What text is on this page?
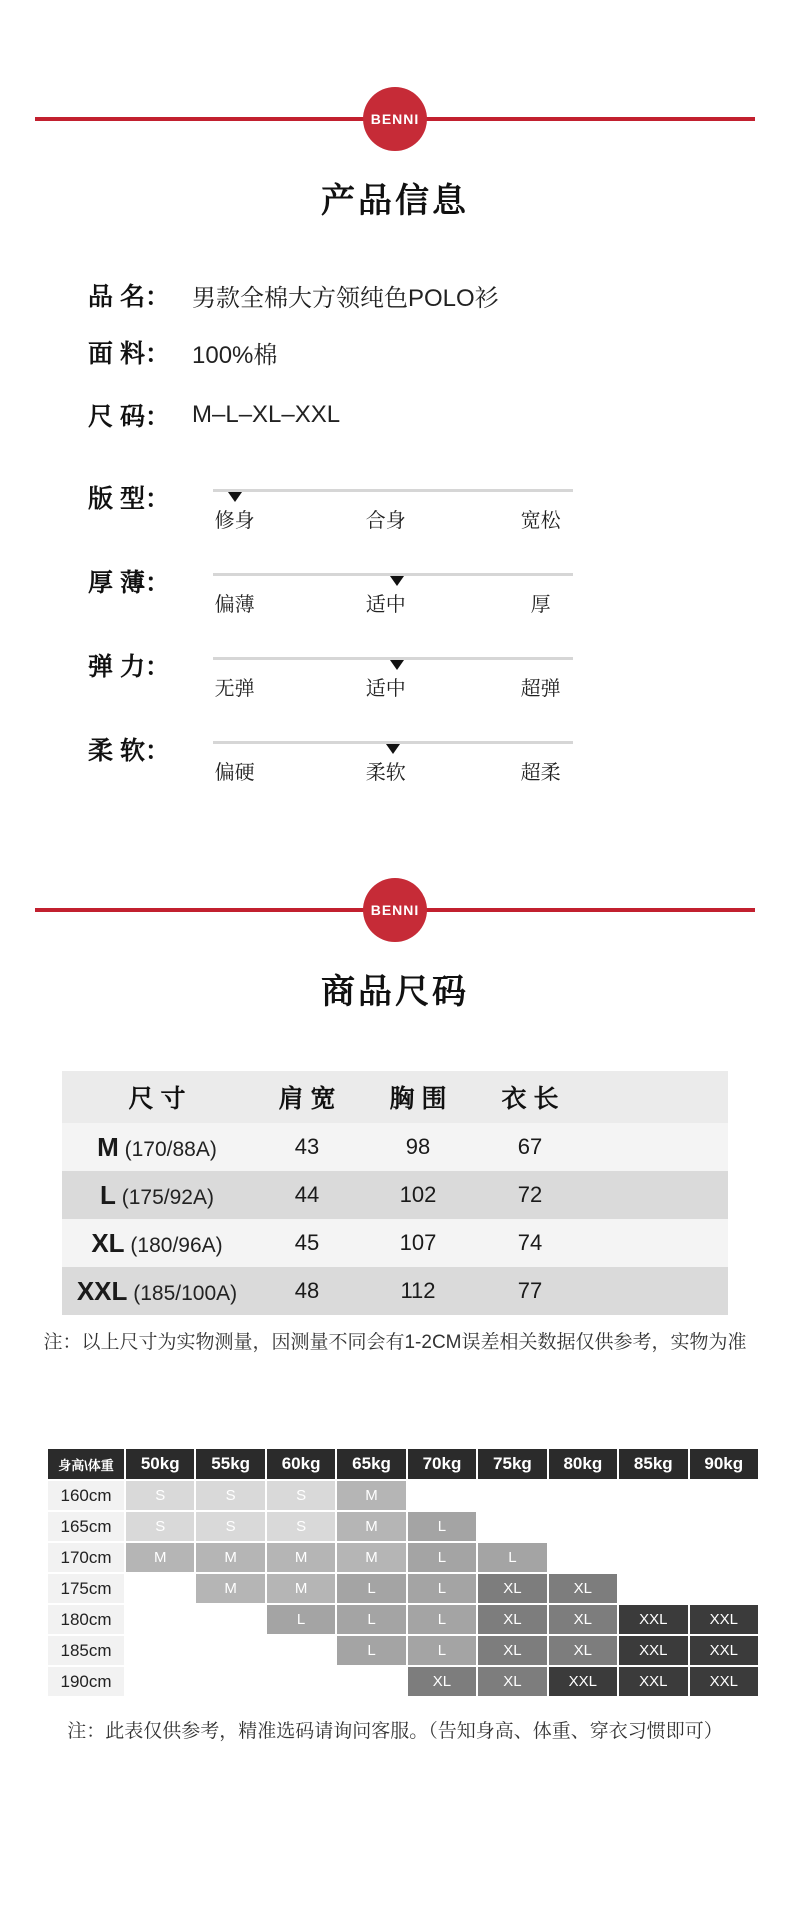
BENNI
产品信息
品 名： 男款全棉大方领纯色POLO衫
面 料： 100%棉
尺 码： M–L–XL–XXL
版 型：
修身	合身	宽松
厚 薄：
偏薄	适中	厚
弹 力：
无弹	适中	超弹
柔 软：
偏硬	柔软	超柔
BENNI
商品尺码
尺 寸	肩 宽	胸 围	衣 长	
M (170/88A)	43	98	67	
L (175/92A)	44	102	72	
XL (180/96A)	45	107	74	
XXL (185/100A)	48	112	77	

注：以上尺寸为实物测量，因测量不同会有1-2CM误差相关数据仅供参考，实物为准

身高\体重	50kg	55kg	60kg	65kg	70kg	75kg	80kg	85kg	90kg
160cm	S	S	S	M					
165cm	S	S	S	M	L				
170cm	M	M	M	M	L	L			
175cm		M	M	L	L	XL	XL		
180cm			L	L	L	XL	XL	XXL	XXL
185cm				L	L	XL	XL	XXL	XXL
190cm					XL	XL	XXL	XXL	XXL

注：此表仅供参考，精准选码请询问客服。（告知身高、体重、穿衣习惯即可）
